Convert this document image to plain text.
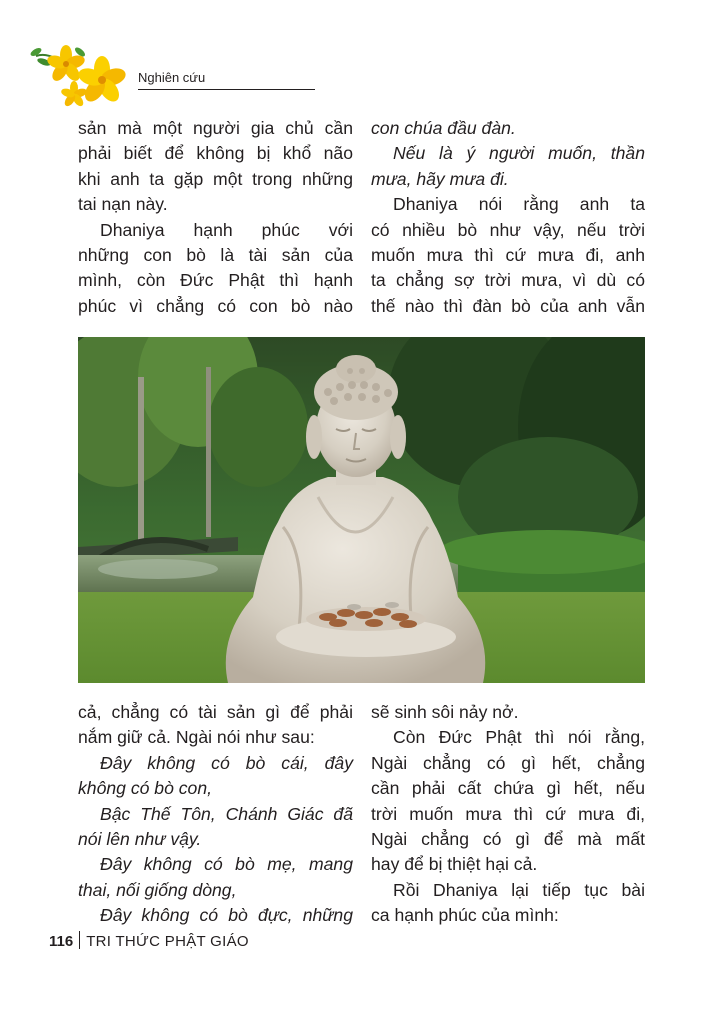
Nghiên cứu

sản mà một người gia chủ cần

phải biết để không bị khổ não

khi anh ta gặp một trong những

tai nạn này.

Dhaniya hạnh phúc với

những con bò là tài sản của

mình, còn Đức Phật thì hạnh

phúc vì chẳng có con bò nào

con chúa đầu đàn.

Nếu là ý người muốn, thần

mưa, hãy mưa đi.

Dhaniya nói rằng anh ta

có nhiều bò như vậy, nếu trời

muốn mưa thì cứ mưa đi, anh

ta chẳng sợ trời mưa, vì dù có

thế nào thì đàn bò của anh vẫn

cả, chẳng có tài sản gì để phải

nắm giữ cả. Ngài nói như sau:

Đây không có bò cái, đây

không có bò con,

Bậc Thế Tôn, Chánh Giác đã

nói lên như vậy.

Đây không có bò mẹ, mang

thai, nối giống dòng,

Đây không có bò đực, những

sẽ sinh sôi nảy nở.

Còn Đức Phật thì nói rằng,

Ngài chẳng có gì hết, chẳng

cần phải cất chứa gì hết, nếu

trời muốn mưa thì cứ mưa đi,

Ngài chẳng có gì để mà mất

hay để bị thiệt hại cả.

Rồi Dhaniya lại tiếp tục bài

ca hạnh phúc của mình:

116 TRI THỨC PHẬT GIÁO
